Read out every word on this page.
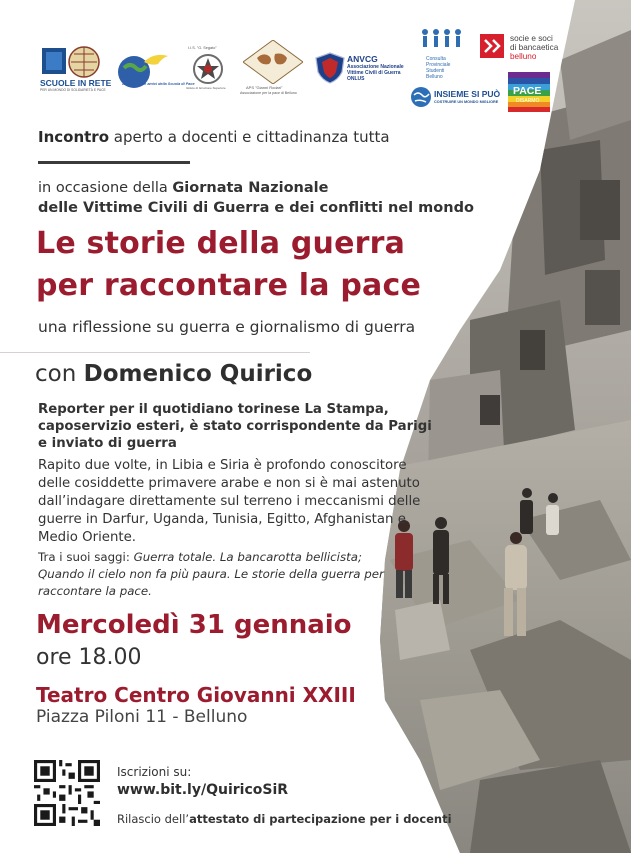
SCUOLE IN RETE
PER UN MONDO DI SOLIDARIETÀ E PACE
Associazione amici della Scuola di Pace
I.I.S. "G. Segato"
Istituto di Istruzione Superiore	APS "Gianni Rodari"
Associazione per la pace di Belluno
ANVCG
Associazione Nazionale
Vittime Civili di Guerra
ONLUS
Consulta
Provinciale
Studenti
Belluno
socie e soci
di bancaetica
belluno
INSIEME SI PUÒ
COSTRUIRE UN MONDO MIGLIORE
PACE
DISARMO
Incontro aperto a docenti e cittadinanza tutta
in occasione della Giornata Nazionale
delle Vittime Civili di Guerra e dei conflitti nel mondo
Le storie della guerra
per raccontare la pace
una riflessione su guerra e giornalismo di guerra
con Domenico Quirico
Reporter per il quotidiano torinese La Stampa,
caposervizio esteri, è stato corrispondente da Parigi
e inviato di guerra
Rapito due volte, in Libia e Siria è profondo conoscitore
delle cosiddette primavere arabe e non si è mai astenuto
dall’indagare direttamente sul terreno i meccanismi delle
guerre in Darfur, Uganda, Tunisia, Egitto, Afghanistan e
Medio Oriente.
Tra i suoi saggi: Guerra totale. La bancarotta bellicista;
Quando il cielo non fa più paura. Le storie della guerra per
raccontare la pace.
Mercoledì 31 gennaio
ore 18.00
Teatro Centro Giovanni XXIII
Piazza Piloni 11 - Belluno
Iscrizioni su:
www.bit.ly/QuiricoSiR
Rilascio dell’attestato di partecipazione per i docenti
